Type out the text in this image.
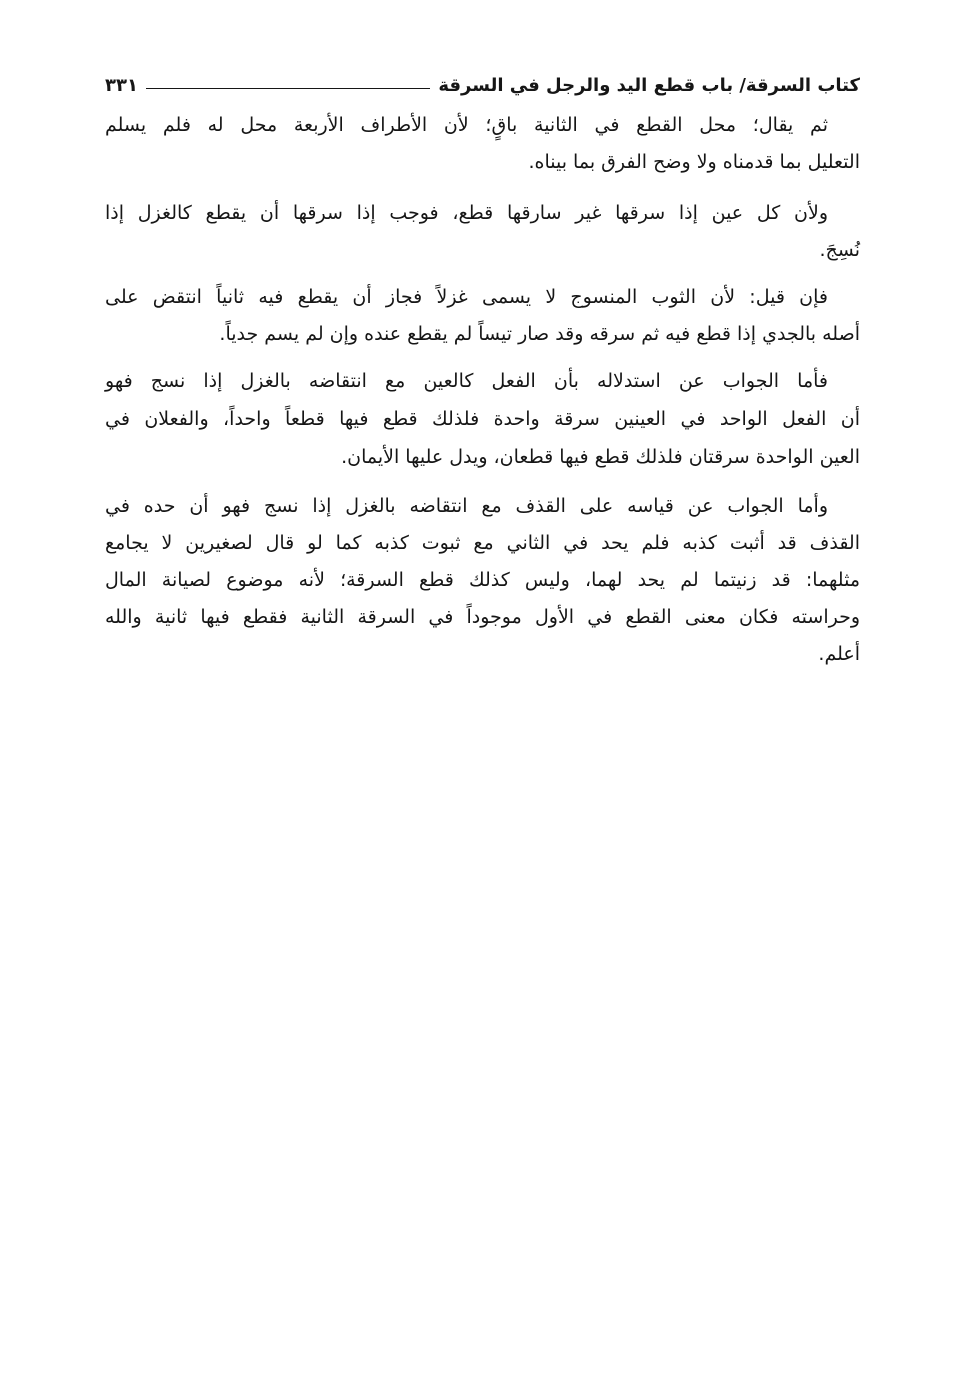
كتاب السرقة/ باب قطع اليد والرجل في السرقة
٣٣١
ثم يقال؛ محل القطع في الثانية باقٍ؛ لأن الأطراف الأربعة محل له فلم يسلم
التعليل بما قدمناه ولا وضح الفرق بما بيناه.
ولأن كل عين إذا سرقها غير سارقها قطع، فوجب إذا سرقها أن يقطع كالغزل إذا
نُسِجَ.
فإن قيل: لأن الثوب المنسوج لا يسمى غزلاً فجاز أن يقطع فيه ثانياً انتقض على
أصله بالجدي إذا قطع فيه ثم سرقه وقد صار تيساً لم يقطع عنده وإن لم يسم جدياً.
فأما الجواب عن استدلاله بأن الفعل كالعين مع انتقاضه بالغزل إذا نسج فهو
أن الفعل الواحد في العينين سرقة واحدة فلذلك قطع فيها قطعاً واحداً، والفعلان في
العين الواحدة سرقتان فلذلك قطع فيها قطعان، ويدل عليها الأيمان.
وأما الجواب عن قياسه على القذف مع انتقاضه بالغزل إذا نسج فهو أن حده في
القذف قد أثبت كذبه فلم يحد في الثاني مع ثبوت كذبه كما لو قال لصغيرين لا يجامع
مثلهما: قد زنيتما لم يحد لهما، وليس كذلك قطع السرقة؛ لأنه موضوع لصيانة المال
وحراسته فكان معنى القطع في الأول موجوداً في السرقة الثانية فقطع فيها ثانية والله
أعلم.
